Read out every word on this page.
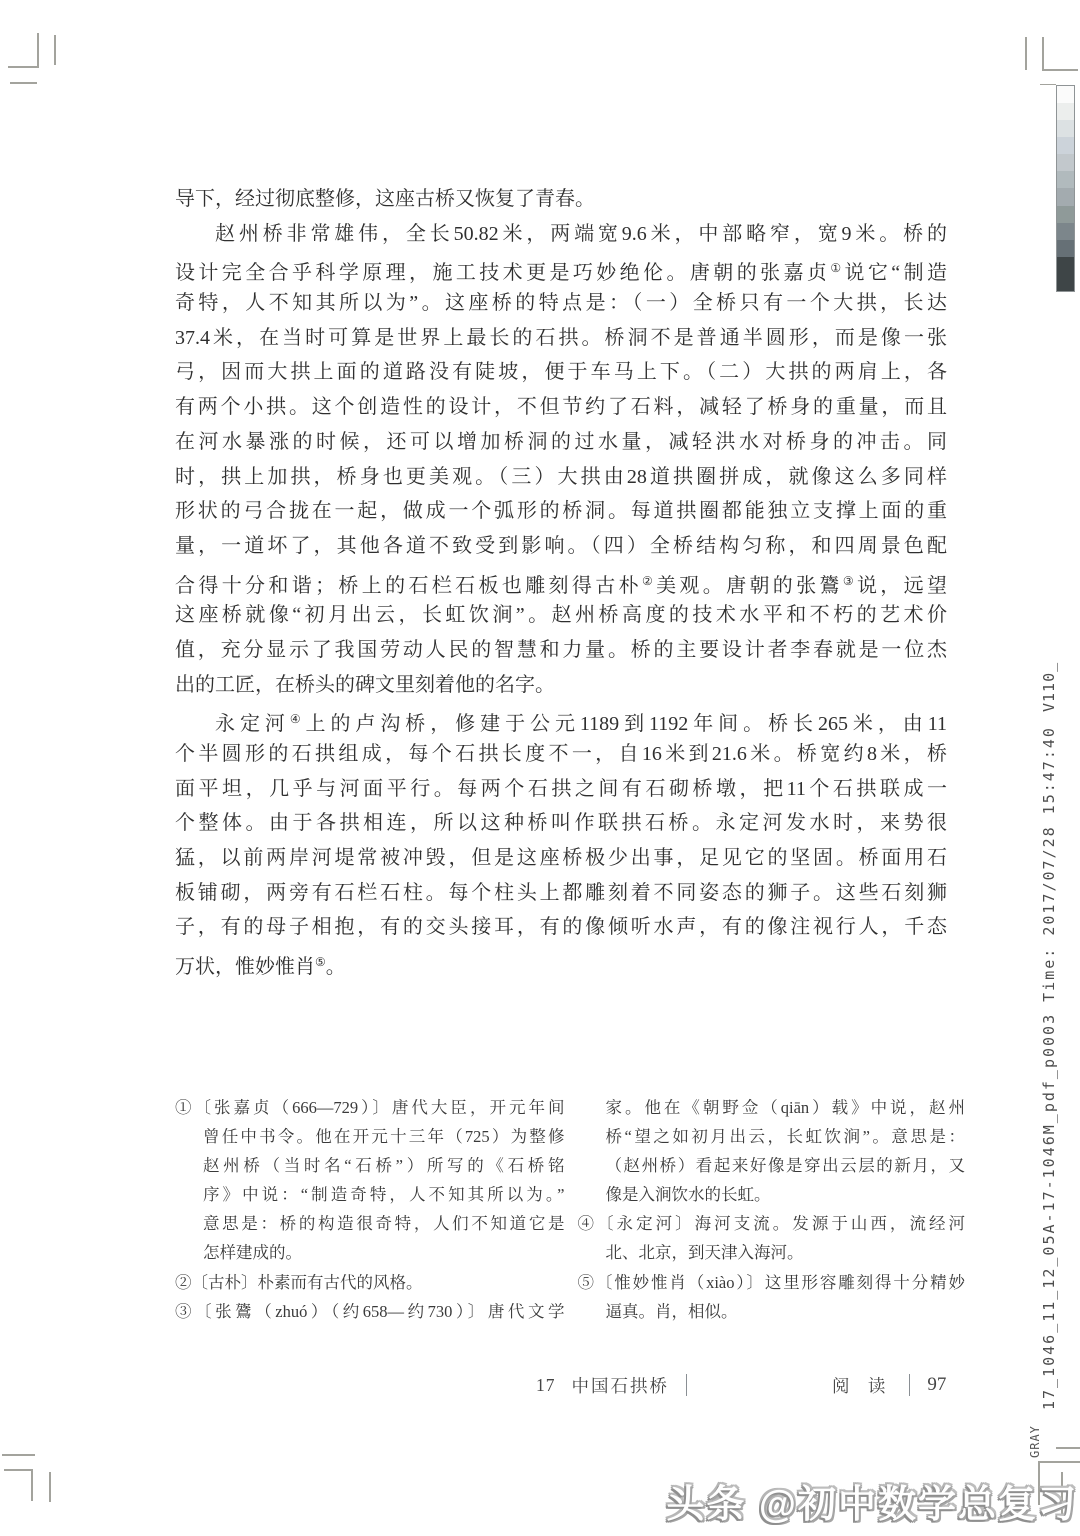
导下，经过彻底整修，这座古桥又恢复了青春。
赵州桥非常雄伟，全长50.82米，两端宽9.6米，中部略窄，宽9米。桥的
设计完全合乎科学原理，施工技术更是巧妙绝伦。唐朝的张嘉贞①说它“制造
奇特，人不知其所以为”。这座桥的特点是：（一）全桥只有一个大拱，长达
37.4米，在当时可算是世界上最长的石拱。桥洞不是普通半圆形，而是像一张
弓，因而大拱上面的道路没有陡坡，便于车马上下。（二）大拱的两肩上，各
有两个小拱。这个创造性的设计，不但节约了石料，减轻了桥身的重量，而且
在河水暴涨的时候，还可以增加桥洞的过水量，减轻洪水对桥身的冲击。同
时，拱上加拱，桥身也更美观。（三）大拱由28道拱圈拼成，就像这么多同样
形状的弓合拢在一起，做成一个弧形的桥洞。每道拱圈都能独立支撑上面的重
量，一道坏了，其他各道不致受到影响。（四）全桥结构匀称，和四周景色配
合得十分和谐；桥上的石栏石板也雕刻得古朴②美观。唐朝的张鷟③说，远望
这座桥就像“初月出云，长虹饮涧”。赵州桥高度的技术水平和不朽的艺术价
值，充分显示了我国劳动人民的智慧和力量。桥的主要设计者李春就是一位杰
出的工匠，在桥头的碑文里刻着他的名字。
永定河④上的卢沟桥，修建于公元1189到1192年间。桥长265米，由11
个半圆形的石拱组成，每个石拱长度不一，自16米到21.6米。桥宽约8米，桥
面平坦，几乎与河面平行。每两个石拱之间有石砌桥墩，把11个石拱联成一
个整体。由于各拱相连，所以这种桥叫作联拱石桥。永定河发水时，来势很
猛，以前两岸河堤常被冲毁，但是这座桥极少出事，足见它的坚固。桥面用石
板铺砌，两旁有石栏石柱。每个柱头上都雕刻着不同姿态的狮子。这些石刻狮
子，有的母子相抱，有的交头接耳，有的像倾听水声，有的像注视行人，千态
万状，惟妙惟肖⑤。
①〔张嘉贞（666—729）〕唐代大臣，开元年间
曾任中书令。他在开元十三年（725）为整修
赵州桥（当时名“石桥”）所写的《石桥铭
序》中说：“制造奇特，人不知其所以为。”
意思是：桥的构造很奇特，人们不知道它是
怎样建成的。
②〔古朴〕朴素而有古代的风格。
③〔张鷟（zhuó）（约658—约730）〕唐代文学
家。他在《朝野佥（qiān）载》中说，赵州
桥“望之如初月出云，长虹饮涧”。意思是：
（赵州桥）看起来好像是穿出云层的新月，又
像是入涧饮水的长虹。
④〔永定河〕海河支流。发源于山西，流经河
北、北京，到天津入海河。
⑤〔惟妙惟肖（xiào）〕这里形容雕刻得十分精妙
逼真。肖，相似。
17 中国石拱桥	阅 读 97
V110_
17_1046_11_12_05A-17-1046M_pdf_p0003 Time: 2017/07/28 15:47:40
GRAY
头条 @初中数学总复习
